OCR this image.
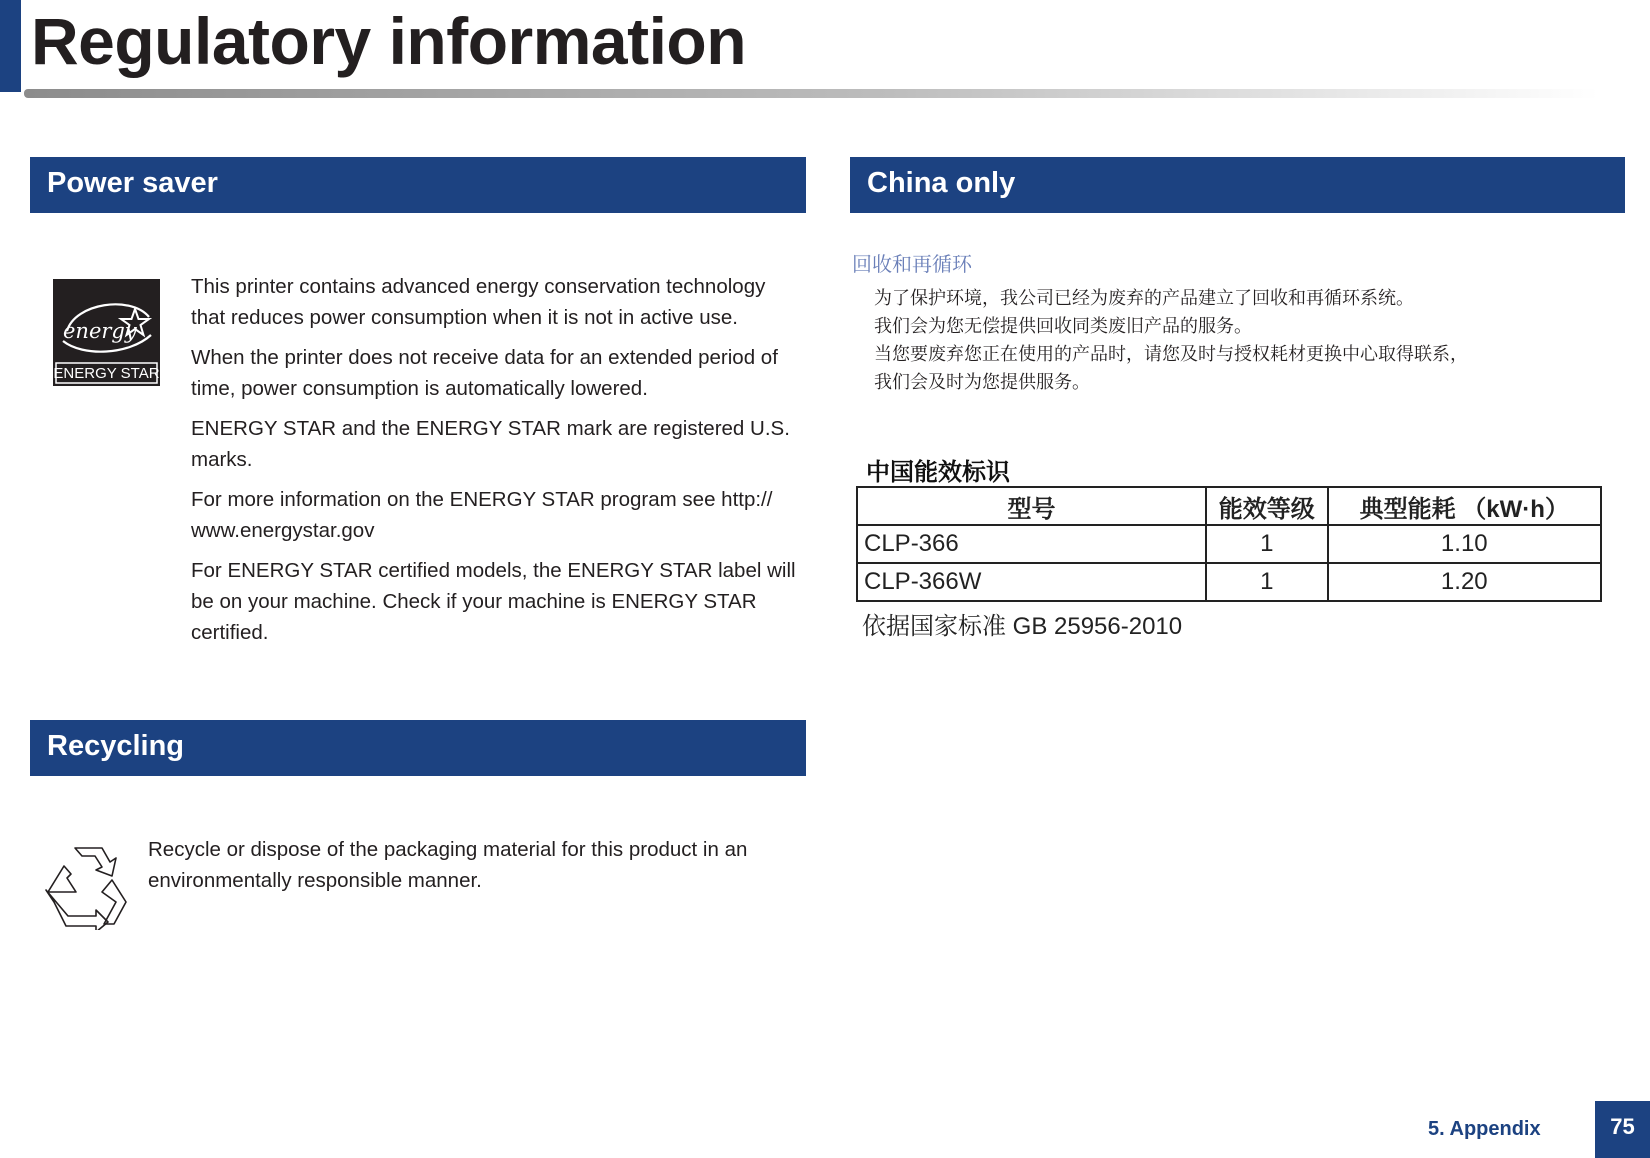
Regulatory information
Power saver
energy
ENERGY STAR

This printer contains advanced energy conservation technology that reduces power consumption when it is not in active use.

When the printer does not receive data for an extended period of time, power consumption is automatically lowered.

ENERGY STAR and the ENERGY STAR mark are registered U.S. marks.

For more information on the ENERGY STAR program see http:// www.energystar.gov

For ENERGY STAR certified models, the ENERGY STAR label will be on your machine. Check if your machine is ENERGY STAR certified.

Recycling
Recycle or dispose of the packaging material for this product in an environmentally responsible manner.
China only
回收和再循环
为了保护环境，我公司已经为废弃的产品建立了回收和再循环系统。
我们会为您无偿提供回收同类废旧产品的服务。
当您要废弃您正在使用的产品时，请您及时与授权耗材更换中心取得联系，
我们会及时为您提供服务。
中国能效标识
型号	能效等级	典型能耗 （kW·h）
CLP-366	1	1.10
CLP-366W	1	1.20
依据国家标准 GB 25956-2010
5. Appendix	75
